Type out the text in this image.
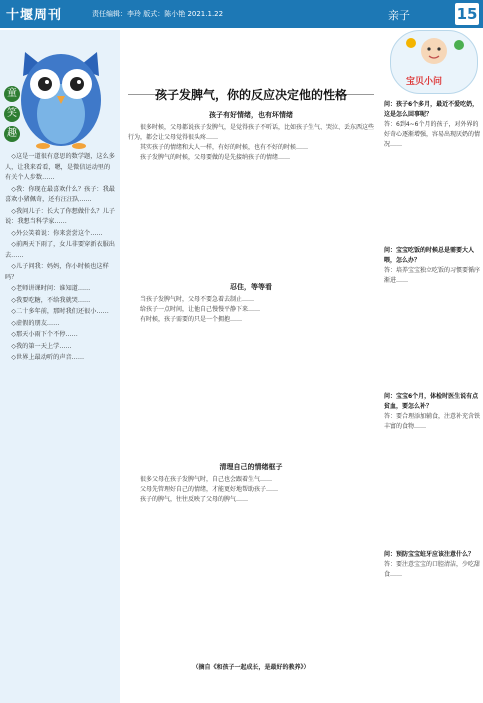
十堰周刊	责任编辑：李玲 版式：陈小艳 2021.1.22	亲子	15
童
笑
趣

◇这是一道很有意思的数学题，这么多人，让我来看看，嗯，是微信运动里的有关个人步数……

◇我：你现在最喜欢什么？孩子：我最喜欢小猪佩奇，还有汪汪队……

◇我问儿子：长大了你想做什么？儿子说：我想当科学家……

◇外公笑着说：你来尝尝这个……

◇前两天下雨了，女儿非要穿新衣服出去……

◇儿子问我：妈妈，你小时候也这样吗？

◇老师讲课时问：谁知道……

◇我要吃糖，不给我就哭……

◇二十多年前，那时我们还很小……

◇虚假的朋友……

◇那天小雨下个不停……

◇我的第一天上学……

◇世界上最动听的声音……

孩子发脾气，你的反应决定他的性格
孩子有好情绪，也有坏情绪

很多时候，父母都说孩子发脾气，是觉得孩子不听话，比如孩子生气、哭泣、丢东西这些行为，都会让父母觉得很头疼……

其实孩子的情绪和大人一样，有好的时候，也有不好的时候……

孩子发脾气的时候，父母要做的是先接纳孩子的情绪……

忍住，等等看

当孩子发脾气时，父母不要急着去制止……

给孩子一点时间，让他自己慢慢平静下来……

有时候，孩子需要的只是一个拥抱……

清理自己的情绪框子

很多父母在孩子发脾气时，自己也会跟着生气……

父母先管理好自己的情绪，才能更好地帮助孩子……

孩子的脾气，往往反映了父母的脾气……

（摘自《和孩子一起成长，是最好的教养》）
宝贝小问

问：孩子6个多月，最近不爱吃奶，这是怎么回事呢？

答：6到4~6个月的孩子，对外界的好奇心逐渐增强，容易出现厌奶的情况……

问：宝宝吃饭的时候总是需要大人喂，怎么办？

答：培养宝宝独立吃饭的习惯要循序渐进……

问：宝宝6个月，体检时医生说有点贫血，要怎么补？

答：要合理添加辅食，注意补充含铁丰富的食物……

问：预防宝宝蛀牙应该注意什么？

答：要注意宝宝的口腔清洁，少吃甜食……
